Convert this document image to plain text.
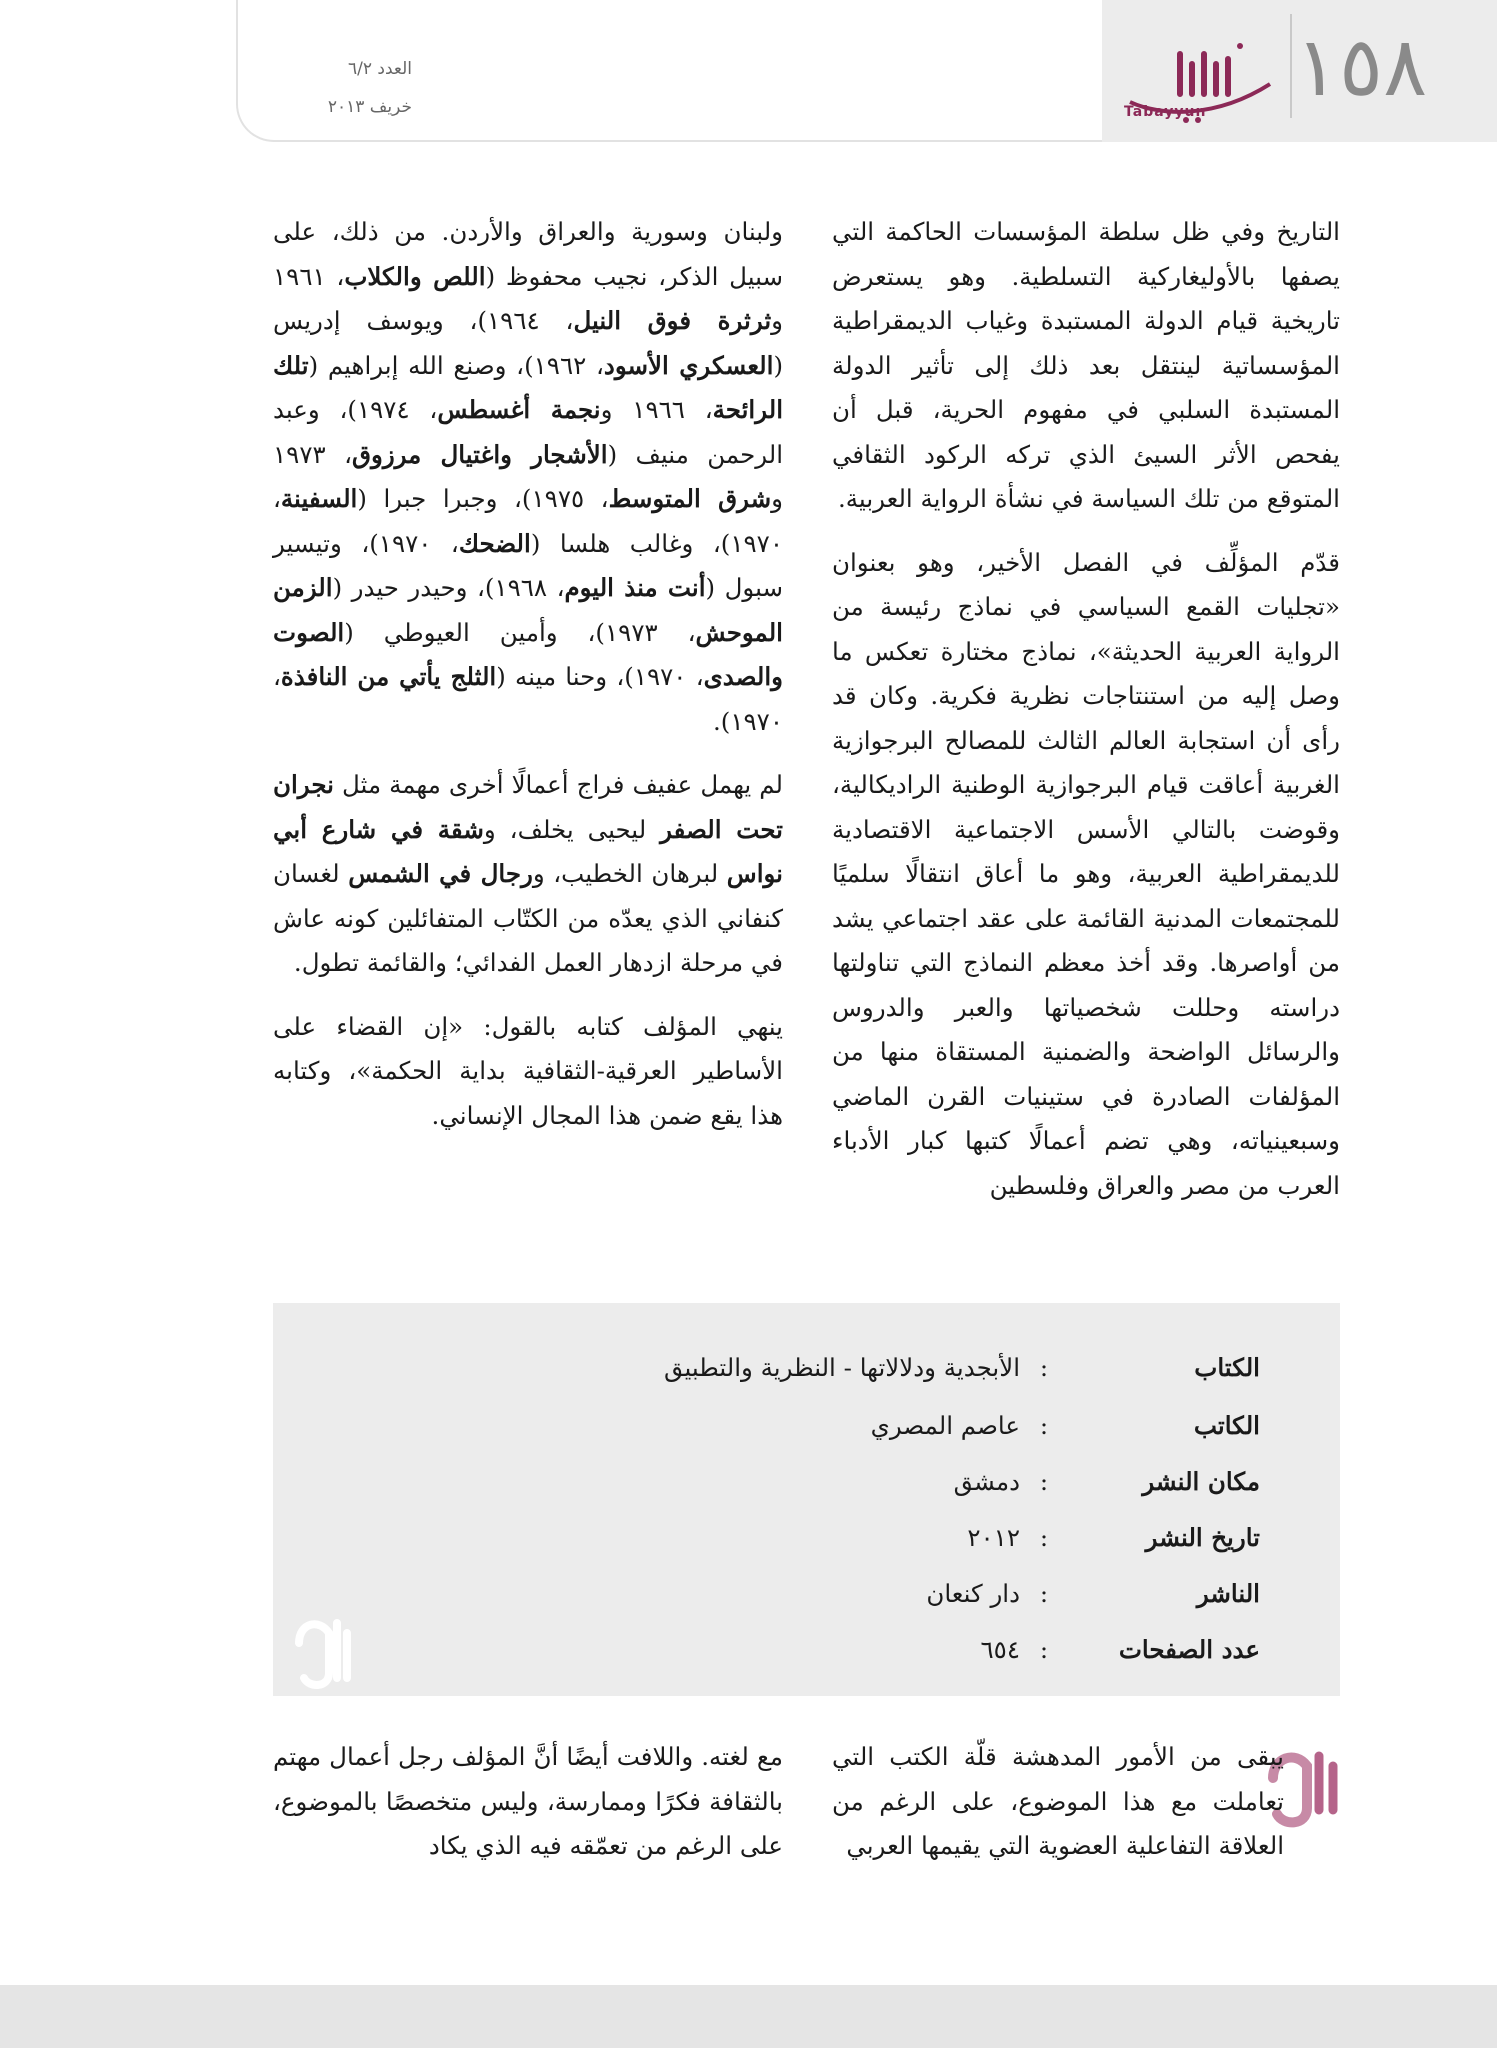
١٥٨
Tabayyun
العدد ٦/٢
خريف ٢٠١٣

التاريخ وفي ظل سلطة المؤسسات الحاكمة التي يصفها بالأوليغاركية التسلطية. وهو يستعرض تاريخية قيام الدولة المستبدة وغياب الديمقراطية المؤسساتية لينتقل بعد ذلك إلى تأثير الدولة المستبدة السلبي في مفهوم الحرية، قبل أن يفحص الأثر السيئ الذي تركه الركود الثقافي المتوقع من تلك السياسة في نشأة الرواية العربية.

قدّم المؤلِّف في الفصل الأخير، وهو بعنوان «تجليات القمع السياسي في نماذج رئيسة من الرواية العربية الحديثة»، نماذج مختارة تعكس ما وصل إليه من استنتاجات نظرية فكرية. وكان قد رأى أن استجابة العالم الثالث للمصالح البرجوازية الغربية أعاقت قيام البرجوازية الوطنية الراديكالية، وقوضت بالتالي الأسس الاجتماعية الاقتصادية للديمقراطية العربية، وهو ما أعاق انتقالًا سلميًا للمجتمعات المدنية القائمة على عقد اجتماعي يشد من أواصرها. وقد أخذ معظم النماذج التي تناولتها دراسته وحللت شخصياتها والعبر والدروس والرسائل الواضحة والضمنية المستقاة منها من المؤلفات الصادرة في ستينيات القرن الماضي وسبعينياته، وهي تضم أعمالًا كتبها كبار الأدباء العرب من مصر والعراق وفلسطين

ولبنان وسورية والعراق والأردن. من ذلك، على سبيل الذكر، نجيب محفوظ (اللص والكلاب، ١٩٦١ وثرثرة فوق النيل، ١٩٦٤)، ويوسف إدريس (العسكري الأسود، ١٩٦٢)، وصنع الله إبراهيم (تلك الرائحة، ١٩٦٦ ونجمة أغسطس، ١٩٧٤)، وعبد الرحمن منيف (الأشجار واغتيال مرزوق، ١٩٧٣ وشرق المتوسط، ١٩٧٥)، وجبرا جبرا (السفينة، ١٩٧٠)، وغالب هلسا (الضحك، ١٩٧٠)، وتيسير سبول (أنت منذ اليوم، ١٩٦٨)، وحيدر حيدر (الزمن الموحش، ١٩٧٣)، وأمين العيوطي (الصوت والصدى، ١٩٧٠)، وحنا مينه (الثلج يأتي من النافذة، ١٩٧٠).

لم يهمل عفيف فراج أعمالًا أخرى مهمة مثل نجران تحت الصفر ليحيى يخلف، وشقة في شارع أبي نواس لبرهان الخطيب، ورجال في الشمس لغسان كنفاني الذي يعدّه من الكتّاب المتفائلين كونه عاش في مرحلة ازدهار العمل الفدائي؛ والقائمة تطول.

ينهي المؤلف كتابه بالقول: «إن القضاء على الأساطير العرقية-الثقافية بداية الحكمة»، وكتابه هذا يقع ضمن هذا المجال الإنساني.

الكتاب
:
الأبجدية ودلالاتها - النظرية والتطبيق
الكاتب
:
عاصم المصري
مكان النشر
:
دمشق
تاريخ النشر
:
٢٠١٢
الناشر
:
دار كنعان
عدد الصفحات
:
٦٥٤

يبقى من الأمور المدهشة قلّة الكتب التي تعاملت مع هذا الموضوع، على الرغم من العلاقة التفاعلية العضوية التي يقيمها العربي

مع لغته. واللافت أيضًا أنَّ المؤلف رجل أعمال مهتم بالثقافة فكرًا وممارسة، وليس متخصصًا بالموضوع، على الرغم من تعمّقه فيه الذي يكاد
